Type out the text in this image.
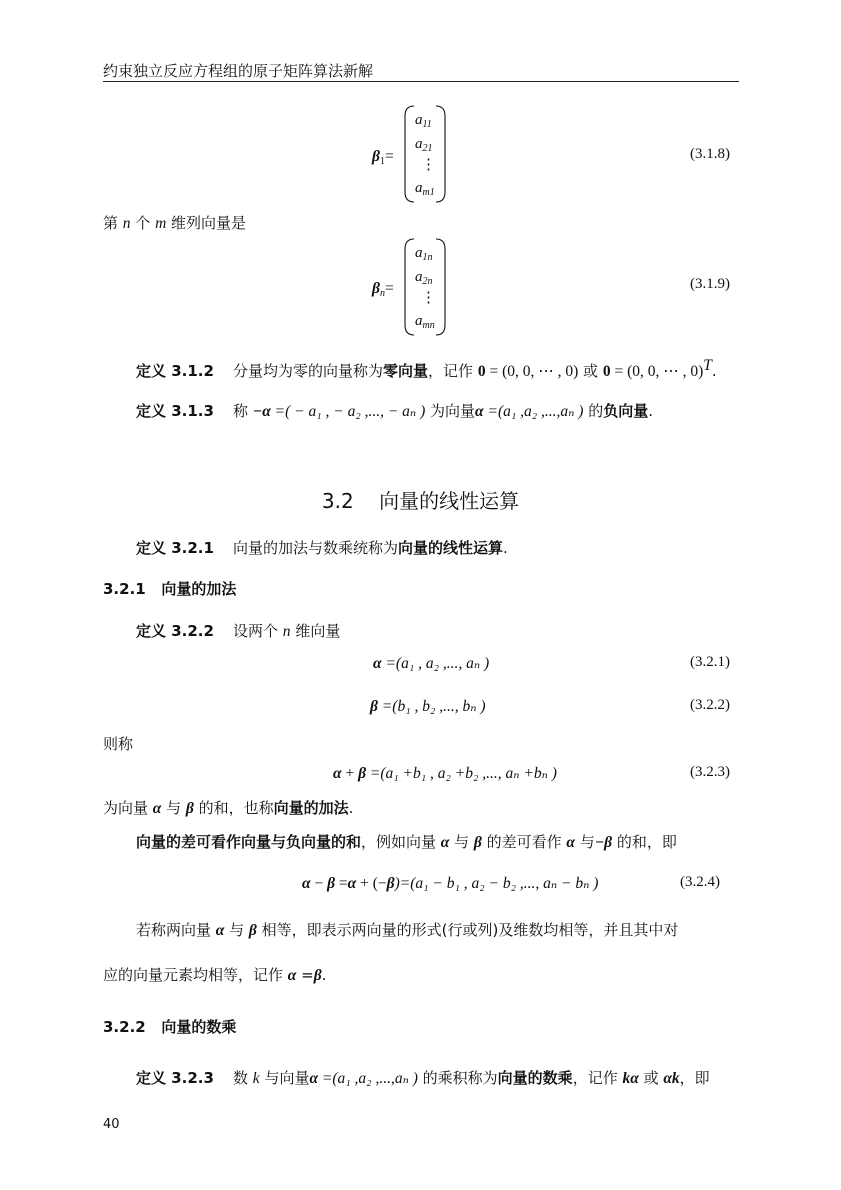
约束独立反应方程组的原子矩阵算法新解
$\beta_1=$
$a_{11}$
$a_{21}$
⋮
$a_{m1}$
(3.1.8)
第 n 个 m 维列向量是
$\beta_n=$
$a_{1n}$
$a_{2n}$
⋮
$a_{mn}$
(3.1.9)
定义 3.1.2 分量均为零的向量称为零向量，记作 0 = (0, 0, ⋯ , 0) 或 0 = (0, 0, ⋯ , 0)$^T$.
定义 3.1.3 称 −α =( − a₁ , − a₂ ,..., − aₙ ) 为向量α =(a₁ ,a₂ ,...,aₙ ) 的负向量.
3.2 向量的线性运算
定义 3.2.1 向量的加法与数乘统称为向量的线性运算.
3.2.1 向量的加法
定义 3.2.2 设两个 n 维向量
α =(a₁ , a₂ ,..., aₙ )	(3.2.1)
β =(b₁ , b₂ ,..., bₙ )	(3.2.2)
则称
α + β =(a₁ +b₁ , a₂ +b₂ ,..., aₙ +bₙ )	(3.2.3)
为向量 α 与 β 的和，也称向量的加法.
向量的差可看作向量与负向量的和，例如向量 α 与 β 的差可看作 α 与−β 的和，即
α − β =α + (−β)=(a₁ − b₁ , a₂ − b₂ ,..., aₙ − bₙ )	(3.2.4)
若称两向量 α 与 β 相等，即表示两向量的形式(行或列)及维数均相等，并且其中对
应的向量元素均相等，记作 α =β.
3.2.2 向量的数乘
定义 3.2.3 数 k 与向量α =(a₁ ,a₂ ,...,aₙ ) 的乘积称为向量的数乘，记作 kα 或 αk，即
40
